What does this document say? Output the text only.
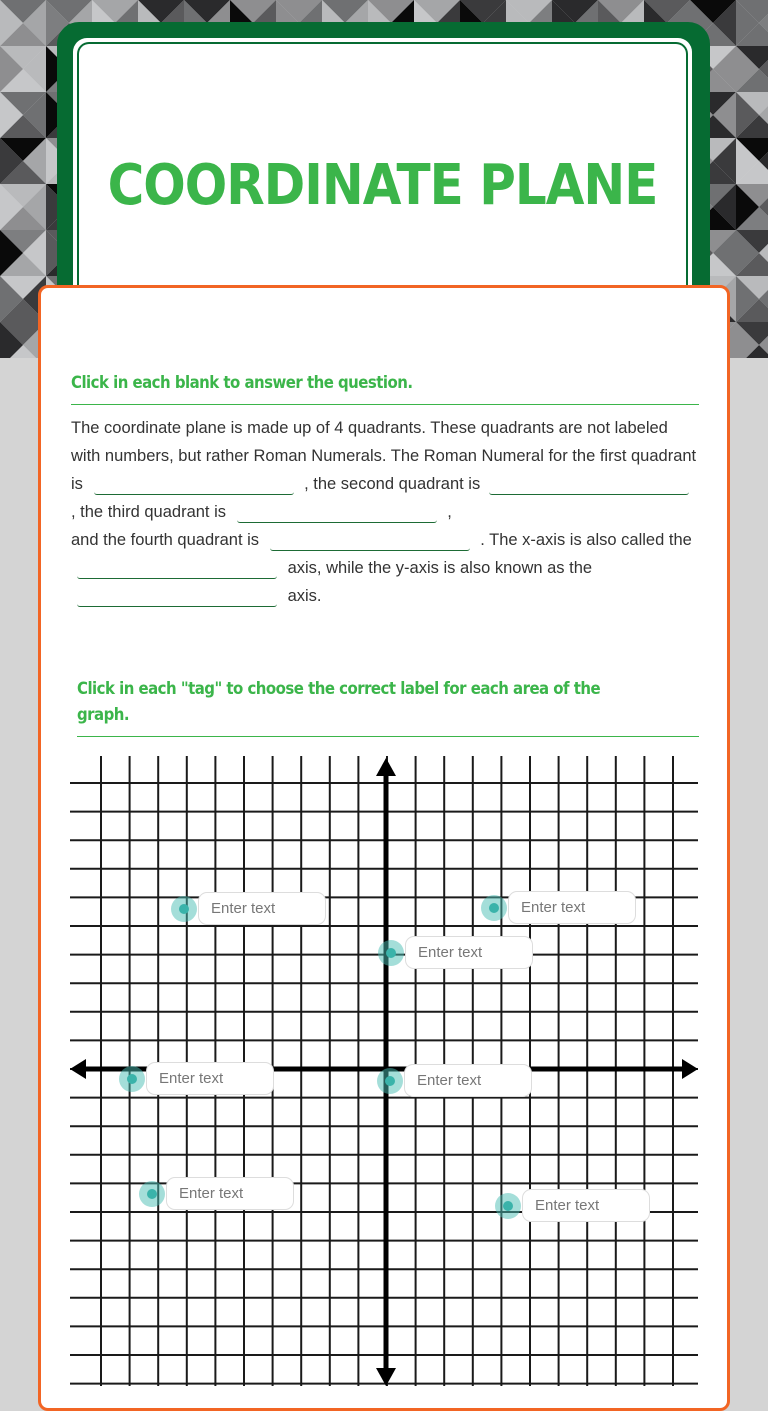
COORDINATE PLANE
Click in each blank to answer the question.
The coordinate plane is made up of 4 quadrants. These quadrants are not labeled with numbers, but rather Roman Numerals. The Roman Numeral for the first quadrant is	, the second quadrant is  , the third quadrant is	,
and the fourth quadrant is	. The x-axis is also called the  axis, while the y-axis is also known as the  axis.
Click in each "tag" to choose the correct label for each area of the graph.
Enter text	Enter text
Enter text
Enter text	Enter text
Enter text
Enter text
